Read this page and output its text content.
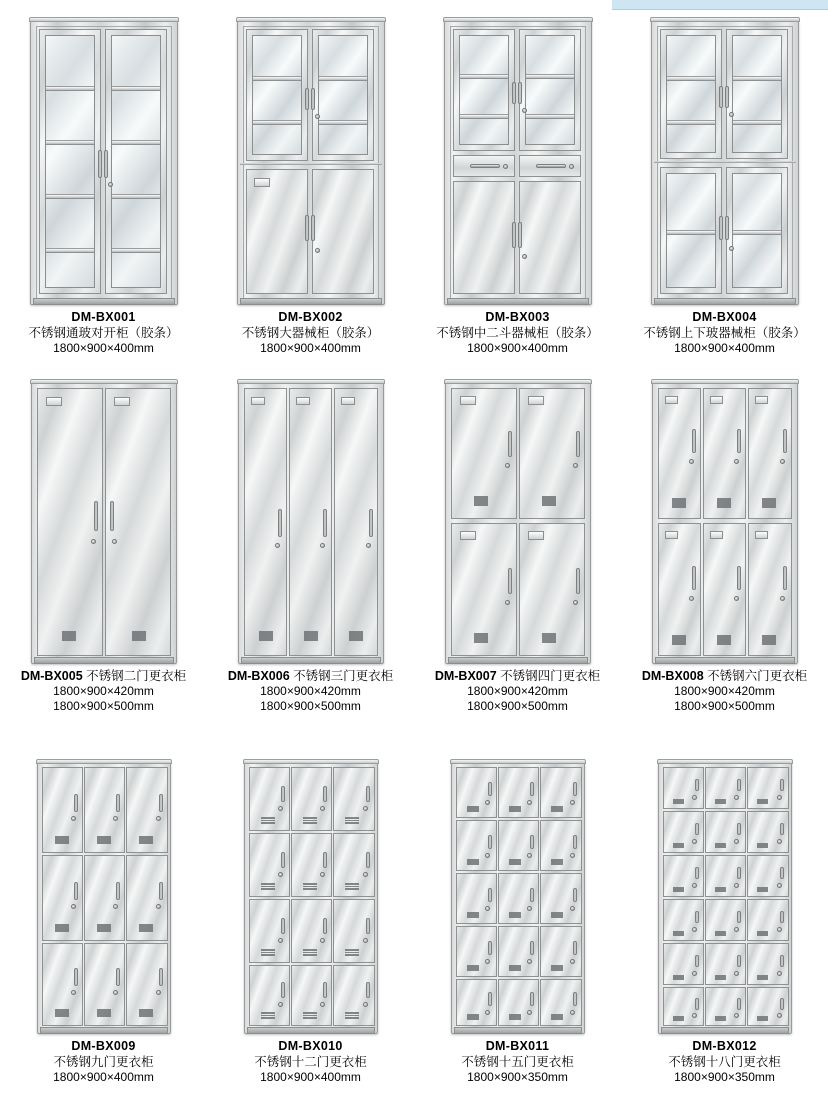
DM-BX001
不锈钢通玻对开柜（胶条）
1800×900×400mm
DM-BX002
不锈钢大器械柜（胶条）
1800×900×400mm
DM-BX003
不锈钢中二斗器械柜（胶条）
1800×900×400mm
DM-BX004
不锈钢上下玻器械柜（胶条）
1800×900×400mm
DM-BX005 不锈钢二门更衣柜
1800×900×420mm
1800×900×500mm
DM-BX006 不锈钢三门更衣柜
1800×900×420mm
1800×900×500mm
DM-BX007 不锈钢四门更衣柜
1800×900×420mm
1800×900×500mm
DM-BX008 不锈钢六门更衣柜
1800×900×420mm
1800×900×500mm
DM-BX009
不锈钢九门更衣柜
1800×900×400mm
DM-BX010
不锈钢十二门更衣柜
1800×900×400mm
DM-BX011
不锈钢十五门更衣柜
1800×900×350mm
DM-BX012
不锈钢十八门更衣柜
1800×900×350mm
